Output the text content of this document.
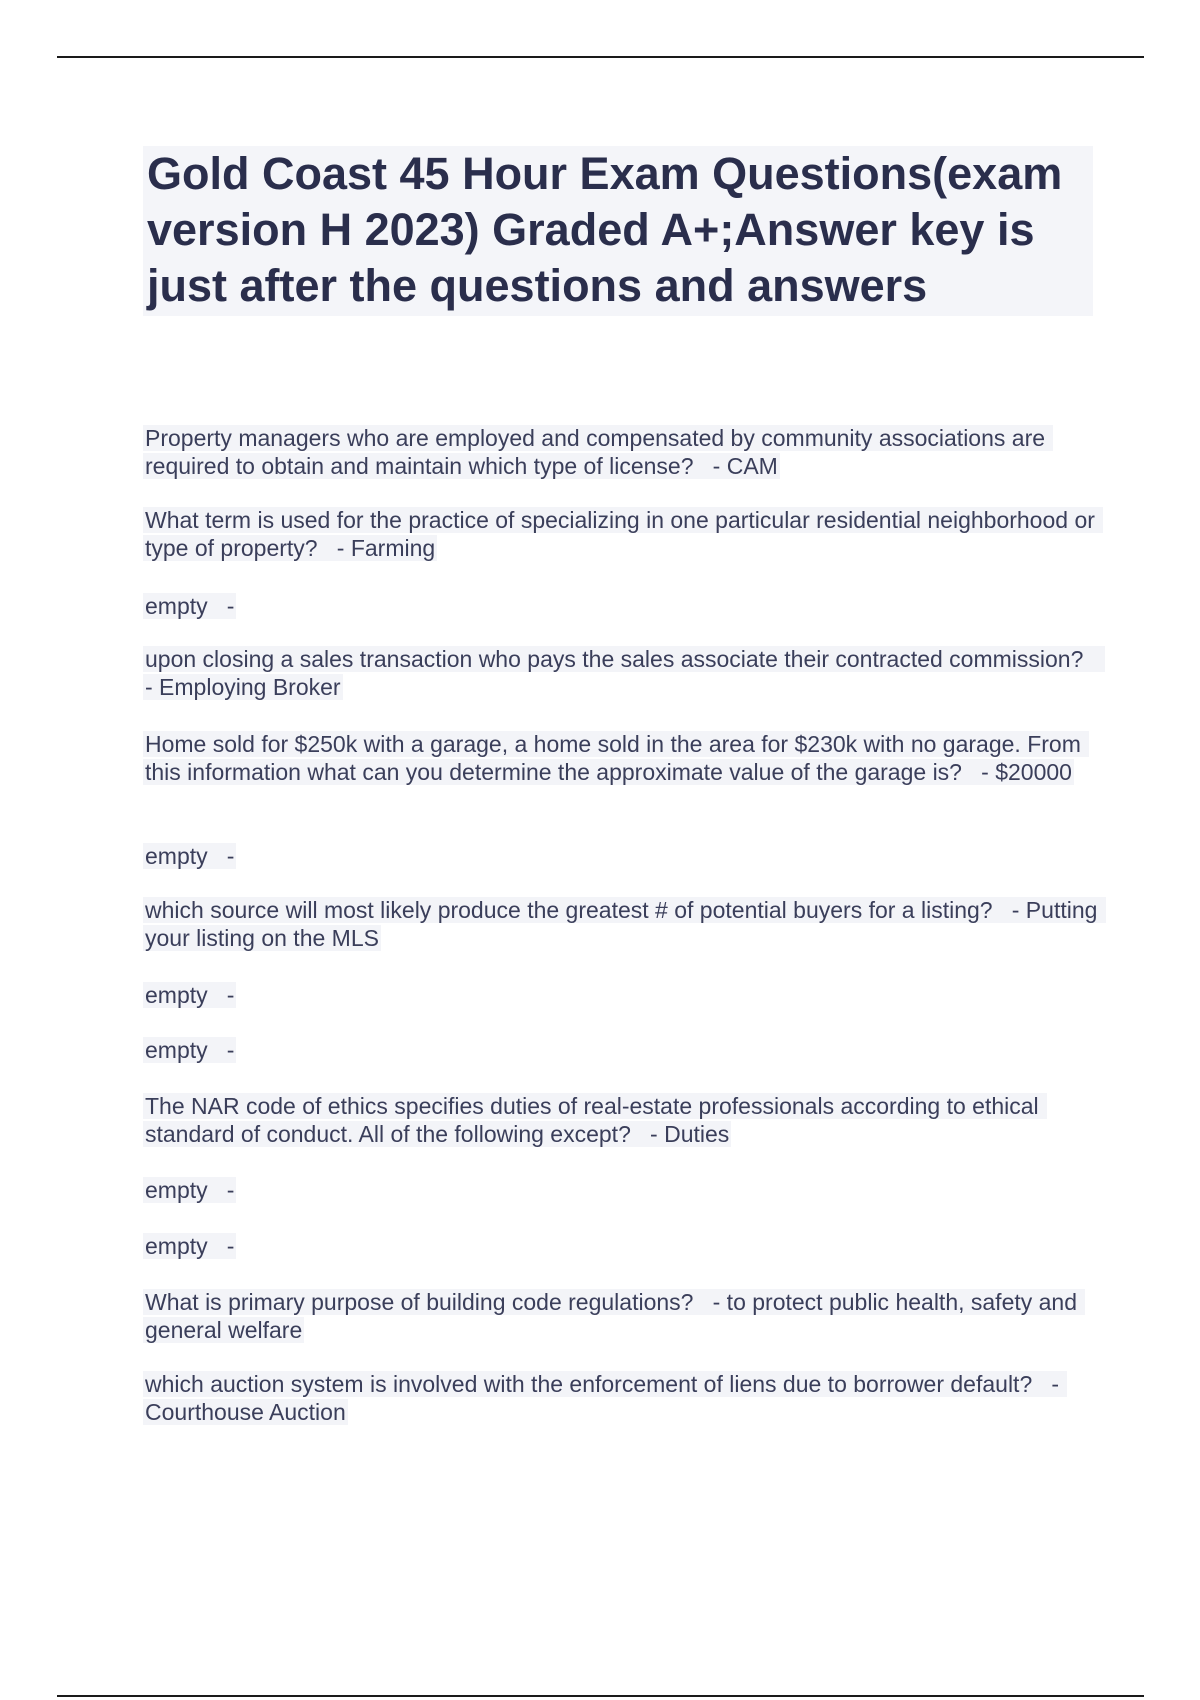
Gold Coast 45 Hour Exam Questions(exam version H 2023) Graded A+;Answer key is just after the questions and answers

Property managers who are employed and compensated by community associations are required to obtain and maintain which type of license?   - CAM

What term is used for the practice of specializing in one particular residential neighborhood or type of property?   - Farming

empty   -

upon closing a sales transaction who pays the sales associate their contracted commission?   - Employing Broker

Home sold for $250k with a garage, a home sold in the area for $230k with no garage. From this information what can you determine the approximate value of the garage is?   - $20000

empty   -

which source will most likely produce the greatest # of potential buyers for a listing?   - Putting your listing on the MLS

empty   -

empty   -

The NAR code of ethics specifies duties of real-estate professionals according to ethical standard of conduct. All of the following except?   - Duties

empty   -

empty   -

What is primary purpose of building code regulations?   - to protect public health, safety and general welfare

which auction system is involved with the enforcement of liens due to borrower default?   - Courthouse Auction
